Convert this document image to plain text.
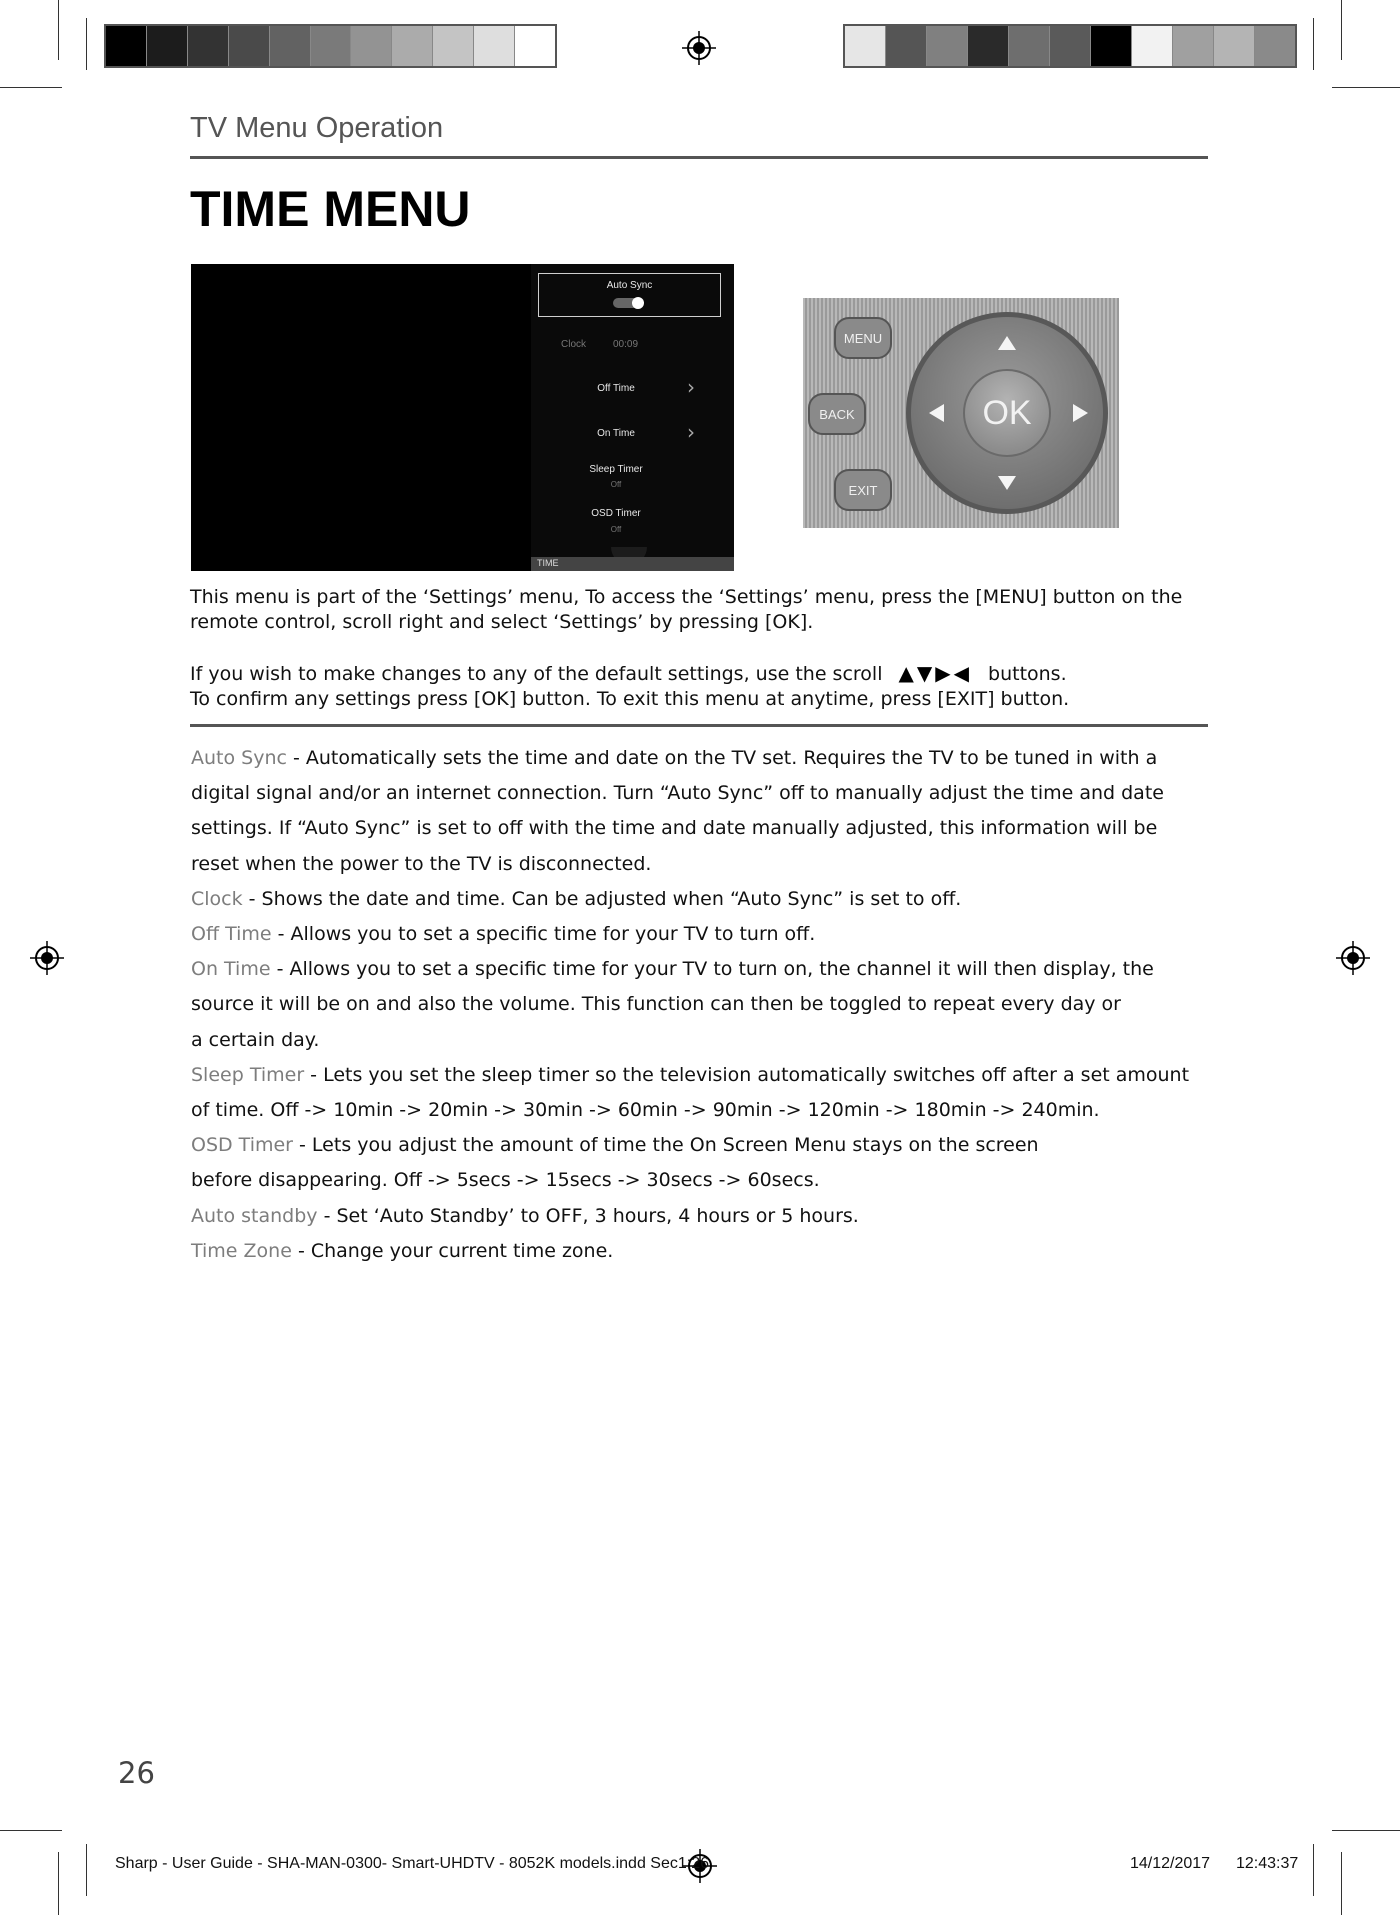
TV Menu Operation
TIME MENU
Auto Sync
Clock	00:09
Off Time	›
On Time	›
Sleep Timer
Off
OSD Timer
Off
TIME
OK
MENU
BACK
EXIT
This menu is part of the ‘Settings’ menu, To access the ‘Settings’ menu, press the [MENU] button on the
remote control, scroll right and select ‘Settings’ by pressing [OK].
If you wish to make changes to any of the default settings, use the scroll ▲▼▶◀ buttons.
To confirm any settings press [OK] button. To exit this menu at anytime, press [EXIT] button.

Auto Sync - Automatically sets the time and date on the TV set. Requires the TV to be tuned in with a

digital signal and/or an internet connection. Turn “Auto Sync” off to manually adjust the time and date

settings. If “Auto Sync” is set to off with the time and date manually adjusted, this information will be

reset when the power to the TV is disconnected.

Clock - Shows the date and time. Can be adjusted when “Auto Sync” is set to off.

Off Time - Allows you to set a specific time for your TV to turn off.

On Time - Allows you to set a specific time for your TV to turn on, the channel it will then display, the

source it will be on and also the volume. This function can then be toggled to repeat every day or

a certain day.

Sleep Timer - Lets you set the sleep timer so the television automatically switches off after a set amount

of time. Off -> 10min -> 20min -> 30min -> 60min -> 90min -> 120min -> 180min -> 240min.

OSD Timer - Lets you adjust the amount of time the On Screen Menu stays on the screen

before disappearing. Off -> 5secs -> 15secs -> 30secs -> 60secs.

Auto standby - Set ‘Auto Standby’ to OFF, 3 hours, 4 hours or 5 hours.

Time Zone - Change your current time zone.

26
Sharp - User Guide - SHA-MAN-0300- Smart-UHDTV - 8052K models.indd Sec1:26	14/12/2017 12:43:37
